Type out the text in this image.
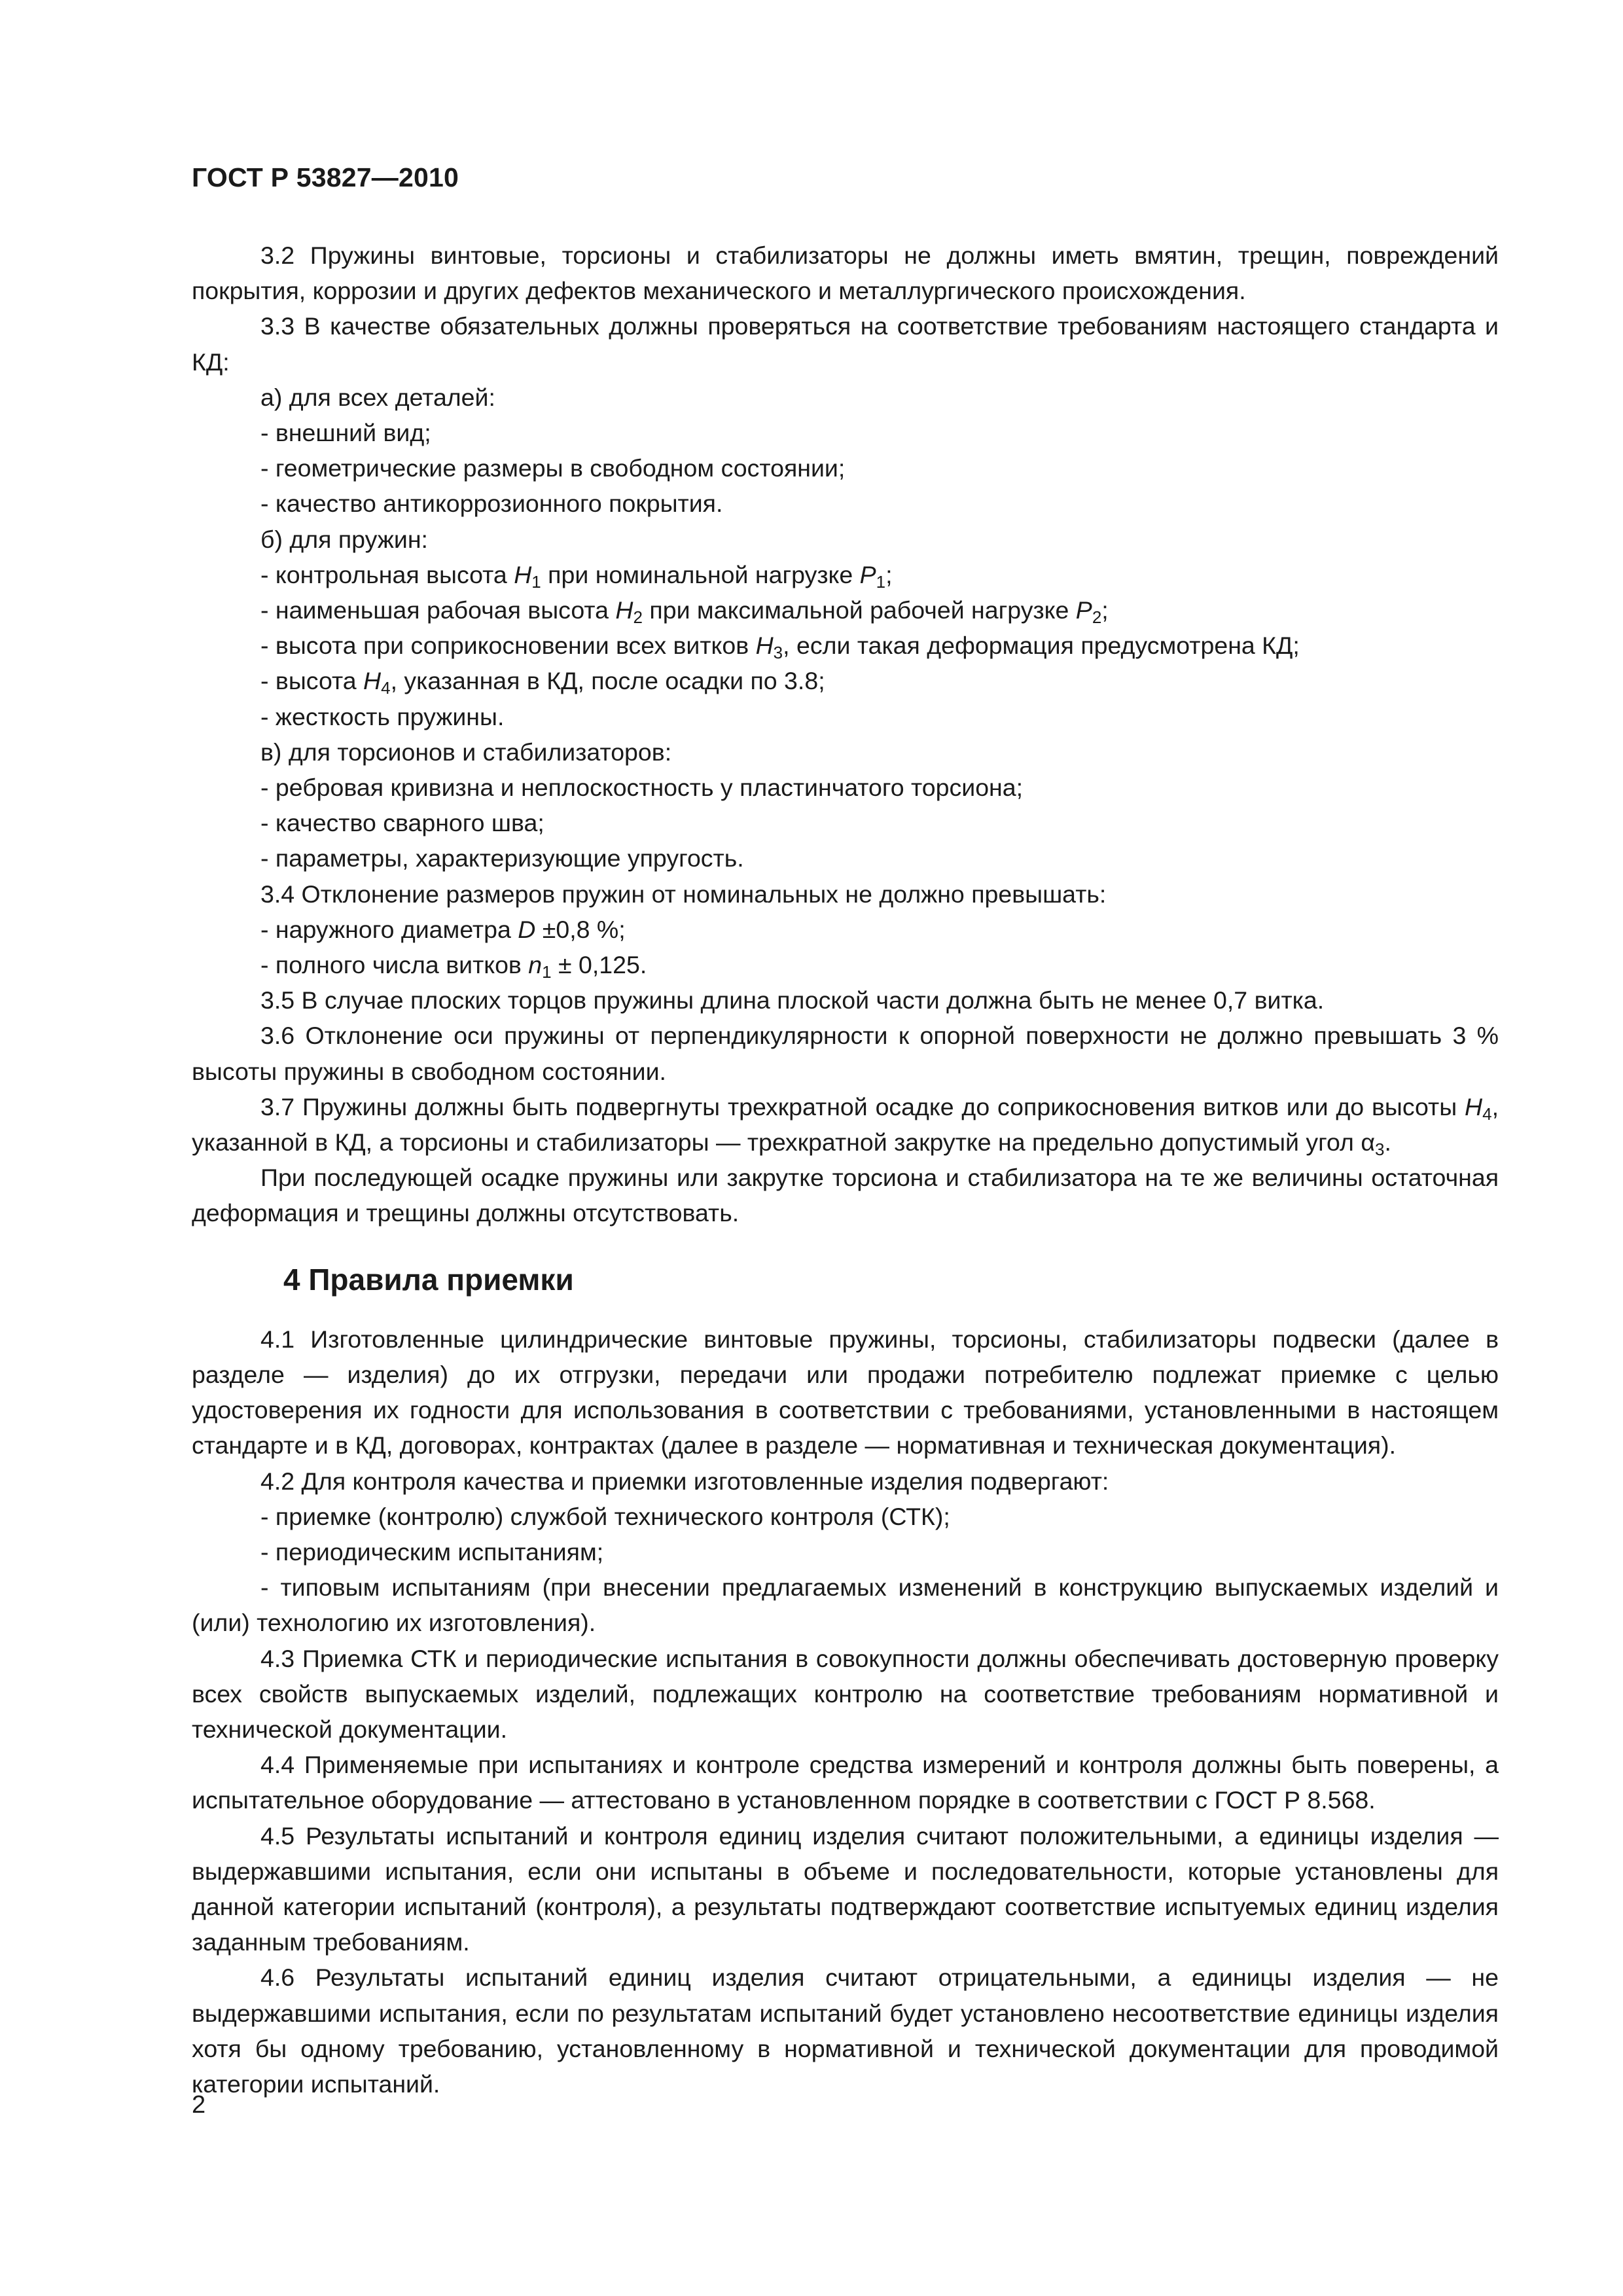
ГОСТ Р 53827—2010

3.2 Пружины винтовые, торсионы и стабилизаторы не должны иметь вмятин, трещин, повреждений покрытия, коррозии и других дефектов механического и металлургического происхождения.

3.3 В качестве обязательных должны проверяться на соответствие требованиям настоящего стандарта и КД:

а) для всех деталей:

- внешний вид;

- геометрические размеры в свободном состоянии;

- качество антикоррозионного покрытия.

б) для пружин:

- контрольная высота $H_1$ при номинальной нагрузке $P_1$;

- наименьшая рабочая высота $H_2$ при максимальной рабочей нагрузке $P_2$;

- высота при соприкосновении всех витков $H_3$, если такая деформация предусмотрена КД;

- высота $H_4$, указанная в КД, после осадки по 3.8;

- жесткость пружины.

в) для торсионов и стабилизаторов:

- ребровая кривизна и неплоскостность у пластинчатого торсиона;

- качество сварного шва;

- параметры, характеризующие упругость.

3.4 Отклонение размеров пружин от номинальных не должно превышать:

- наружного диаметра D ±0,8 %;

- полного числа витков $n_1 \pm 0,125$.

3.5 В случае плоских торцов пружины длина плоской части должна быть не менее 0,7 витка.

3.6 Отклонение оси пружины от перпендикулярности к опорной поверхности не должно превышать 3 % высоты пружины в свободном состоянии.

3.7 Пружины должны быть подвергнуты трехкратной осадке до соприкосновения витков или до высоты $H_4$, указанной в КД, а торсионы и стабилизаторы — трехкратной закрутке на предельно допустимый угол $\alpha_3$.

При последующей осадке пружины или закрутке торсиона и стабилизатора на те же величины остаточная деформация и трещины должны отсутствовать.

4 Правила приемки

4.1 Изготовленные цилиндрические винтовые пружины, торсионы, стабилизаторы подвески (далее в разделе — изделия) до их отгрузки, передачи или продажи потребителю подлежат приемке с целью удостоверения их годности для использования в соответствии с требованиями, установленными в настоящем стандарте и в КД, договорах, контрактах (далее в разделе — нормативная и техническая документация).

4.2 Для контроля качества и приемки изготовленные изделия подвергают:

- приемке (контролю) службой технического контроля (СТК);

- периодическим испытаниям;

- типовым испытаниям (при внесении предлагаемых изменений в конструкцию выпускаемых изделий и (или) технологию их изготовления).

4.3 Приемка СТК и периодические испытания в совокупности должны обеспечивать достоверную проверку всех свойств выпускаемых изделий, подлежащих контролю на соответствие требованиям нормативной и технической документации.

4.4 Применяемые при испытаниях и контроле средства измерений и контроля должны быть поверены, а испытательное оборудование — аттестовано в установленном порядке в соответствии с ГОСТ Р 8.568.

4.5 Результаты испытаний и контроля единиц изделия считают положительными, а единицы изделия — выдержавшими испытания, если они испытаны в объеме и последовательности, которые установлены для данной категории испытаний (контроля), а результаты подтверждают соответствие испытуемых единиц изделия заданным требованиям.

4.6 Результаты испытаний единиц изделия считают отрицательными, а единицы изделия — не выдержавшими испытания, если по результатам испытаний будет установлено несоответствие единицы изделия хотя бы одному требованию, установленному в нормативной и технической документации для проводимой категории испытаний.

2
